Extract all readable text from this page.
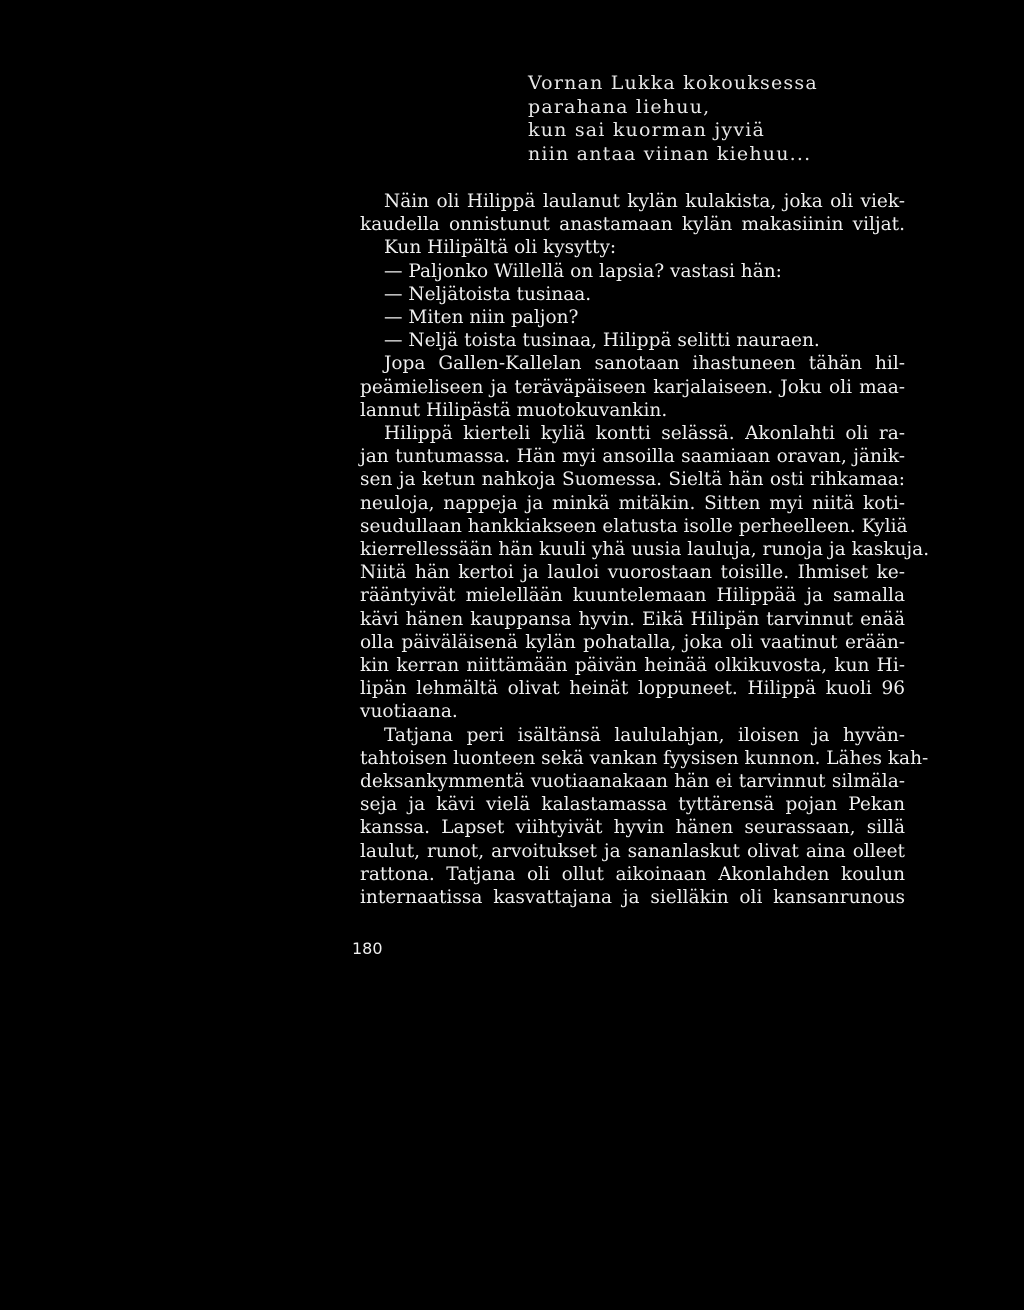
Vornan Lukka kokouksessa
parahana liehuu,
kun sai kuorman jyviä
niin antaa viinan kiehuu...
Näin oli Hilippä laulanut kylän kulakista, joka oli viek-
kaudella onnistunut anastamaan kylän makasiinin viljat.
Kun Hilipältä oli kysytty:
— Paljonko Willellä on lapsia? vastasi hän:
— Neljätoista tusinaa.
— Miten niin paljon?
— Neljä toista tusinaa, Hilippä selitti nauraen.
Jopa Gallen-Kallelan sanotaan ihastuneen tähän hil-
peämieliseen ja teräväpäiseen karjalaiseen. Joku oli maa-
lannut Hilipästä muotokuvankin.
Hilippä kierteli kyliä kontti selässä. Akonlahti oli ra-
jan tuntumassa. Hän myi ansoilla saamiaan oravan, jänik-
sen ja ketun nahkoja Suomessa. Sieltä hän osti rihkamaa:
neuloja, nappeja ja minkä mitäkin. Sitten myi niitä koti-
seudullaan hankkiakseen elatusta isolle perheelleen. Kyliä
kierrellessään hän kuuli yhä uusia lauluja, runoja ja kaskuja.
Niitä hän kertoi ja lauloi vuorostaan toisille. Ihmiset ke-
rääntyivät mielellään kuuntelemaan Hilippää ja samalla
kävi hänen kauppansa hyvin. Eikä Hilipän tarvinnut enää
olla päiväläisenä kylän pohatalla, joka oli vaatinut erään-
kin kerran niittämään päivän heinää olkikuvosta, kun Hi-
lipän lehmältä olivat heinät loppuneet. Hilippä kuoli 96
vuotiaana.
Tatjana peri isältänsä laululahjan, iloisen ja hyvän-
tahtoisen luonteen sekä vankan fyysisen kunnon. Lähes kah-
deksankymmentä vuotiaanakaan hän ei tarvinnut silmäla-
seja ja kävi vielä kalastamassa tyttärensä pojan Pekan
kanssa. Lapset viihtyivät hyvin hänen seurassaan, sillä
laulut, runot, arvoitukset ja sananlaskut olivat aina olleet
rattona. Tatjana oli ollut aikoinaan Akonlahden koulun
internaatissa kasvattajana ja sielläkin oli kansanrunous
180
